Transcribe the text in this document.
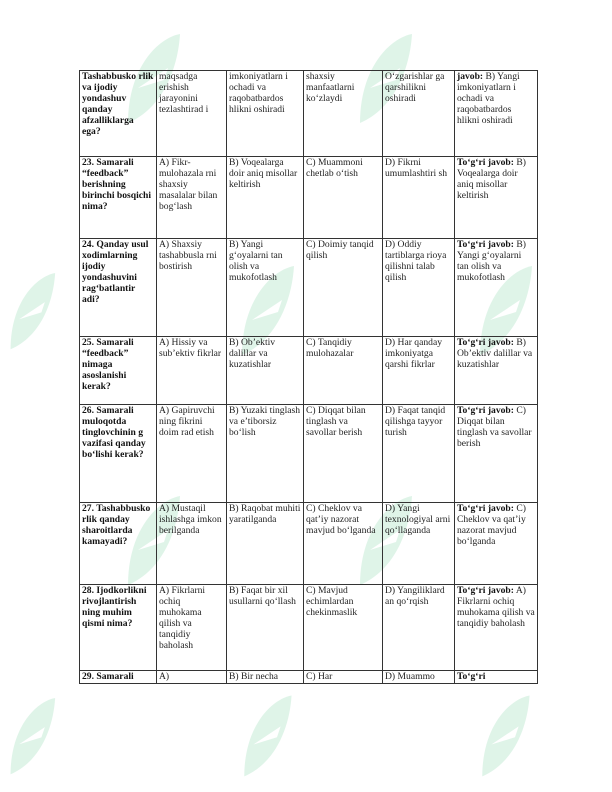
Tashabbusko rlik va ijodiy yondashuv qanday afzalliklarga ega?	maqsadga erishish jarayonini tezlashtirad i	imkoniyatlarn i ochadi va raqobatbardos hlikni oshiradi	shaxsiy manfaatlarni ko‘zlaydi	O‘zgarishlar ga qarshilikni oshiradi	javob: B) Yangi imkoniyatlarn i ochadi va raqobatbardos hlikni oshiradi
23. Samarali “feedback” berishning birinchi bosqichi nima?	A) Fikr-mulohazala rni shaxsiy masalalar bilan bog‘lash	B) Voqealarga doir aniq misollar keltirish	C) Muammoni chetlab o‘tish	D) Fikrni umumlashtiri sh	To‘g‘ri javob: B) Voqealarga doir aniq misollar keltirish
24. Qanday usul xodimlarning ijodiy yondashuvini rag‘batlantir adi?	A) Shaxsiy tashabbusla rni bostirish	B) Yangi g‘oyalarni tan olish va mukofotlash	C) Doimiy tanqid qilish	D) Oddiy tartiblarga rioya qilishni talab qilish	To‘g‘ri javob: B) Yangi g‘oyalarni tan olish va mukofotlash
25. Samarali “feedback” nimaga asoslanishi kerak?	A) Hissiy va sub’ektiv fikrlar	B) Ob’ektiv dalillar va kuzatishlar	C) Tanqidiy mulohazalar	D) Har qanday imkoniyatga qarshi fikrlar	To‘g‘ri javob: B) Ob’ektiv dalillar va kuzatishlar
26. Samarali muloqotda tinglovchinin g vazifasi qanday bo‘lishi kerak?	A) Gapiruvchi ning fikrini doim rad etish	B) Yuzaki tinglash va e’tiborsiz bo‘lish	C) Diqqat bilan tinglash va savollar berish	D) Faqat tanqid qilishga tayyor turish	To‘g‘ri javob: C) Diqqat bilan tinglash va savollar berish
27. Tashabbusko rlik qanday sharoitlarda kamayadi?	A) Mustaqil ishlashga imkon berilganda	B) Raqobat muhiti yaratilganda	C) Cheklov va qat’iy nazorat mavjud bo‘lganda	D) Yangi texnologiyal arni qo‘llaganda	To‘g‘ri javob: C) Cheklov va qat’iy nazorat mavjud bo‘lganda
28. Ijodkorlikni rivojlantirish ning muhim qismi nima?	A) Fikrlarni ochiq muhokama qilish va tanqidiy baholash	B) Faqat bir xil usullarni qo‘llash	C) Mavjud echimlardan chekinmaslik	D) Yangiliklard an qo‘rqish	To‘g‘ri javob: A) Fikrlarni ochiq muhokama qilish va tanqidiy baholash
29. Samarali	A)	B) Bir necha	C) Har	D) Muammo	To‘g‘ri
